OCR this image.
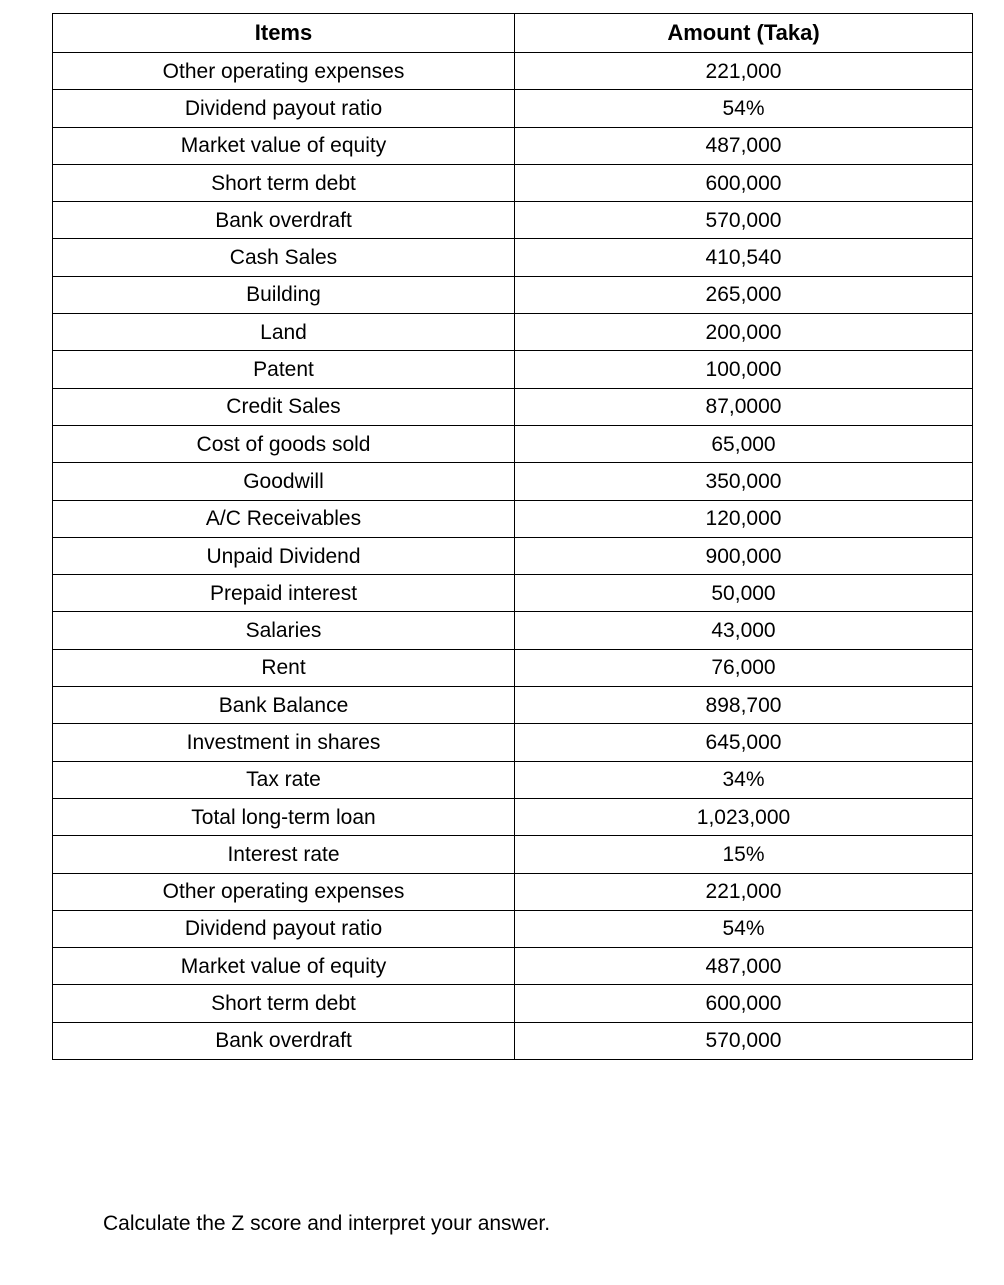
Items	Amount (Taka)
Other operating expenses	221,000
Dividend payout ratio	54%
Market value of equity	487,000
Short term debt	600,000
Bank overdraft	570,000
Cash Sales	410,540
Building	265,000
Land	200,000
Patent	100,000
Credit Sales	87,0000
Cost of goods sold	65,000
Goodwill	350,000
A/C Receivables	120,000
Unpaid Dividend	900,000
Prepaid interest	50,000
Salaries	43,000
Rent	76,000
Bank Balance	898,700
Investment in shares	645,000
Tax rate	34%
Total long-term loan	1,023,000
Interest rate	15%
Other operating expenses	221,000
Dividend payout ratio	54%
Market value of equity	487,000
Short term debt	600,000
Bank overdraft	570,000

Calculate the Z score and interpret your answer.
